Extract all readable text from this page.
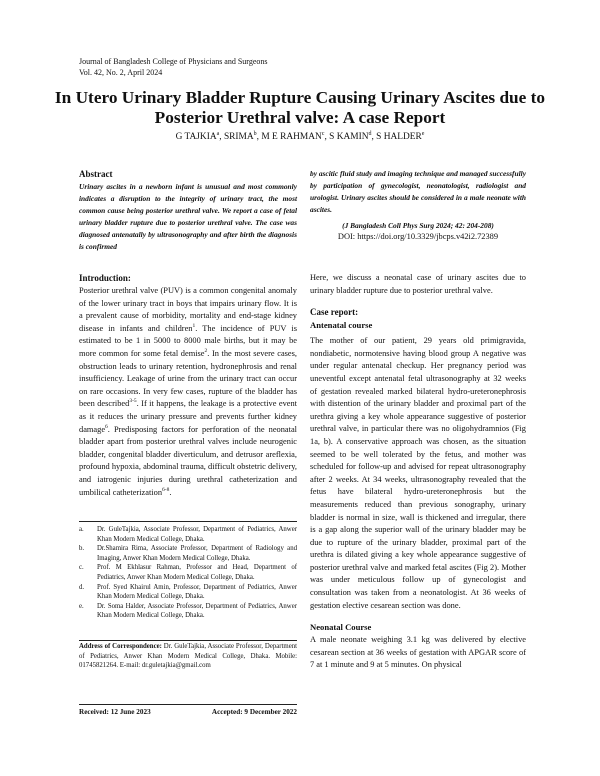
Journal of Bangladesh College of Physicians and Surgeons
Vol. 42, No. 2, April 2024
In Utero Urinary Bladder Rupture Causing Urinary Ascites due to Posterior Urethral valve: A case Report
G TAJKIA$^a$, SRIMA$^b$, M E RAHMAN$^c$, S KAMIN$^d$, S HALDER$^e$
Abstract

Urinary ascites in a newborn infant is unusual and most commonly indicates a disruption to the integrity of urinary tract, the most common cause being posterior urethral valve. We report a case of fetal urinary bladder rupture due to posterior urethral valve. The case was diagnosed antenatally by ultrasonography and after birth the diagnosis is confirmed

by ascitic fluid study and imaging technique and managed successfully by participation of gynecologist, neonatologist, radiologist and urologist. Urinary ascites should be considered in a male neonate with ascites.

(J Bangladesh Coll Phys Surg 2024; 42: 204-208)
DOI: https://doi.org/10.3329/jbcps.v42i2.72389
Introduction:

Posterior urethral valve (PUV) is a common congenital anomaly of the lower urinary tract in boys that impairs urinary flow. It is a prevalent cause of morbidity, mortality and end-stage kidney disease in infants and children$^1$. The incidence of PUV is estimated to be 1 in 5000 to 8000 male births, but it may be more common for some fetal demise$^2$. In the most severe cases, obstruction leads to urinary retention, hydronephrosis and renal insufficiency. Leakage of urine from the urinary tract can occur on rare occasions. In very few cases, rupture of the bladder has been described$^{3-5}$. If it happens, the leakage is a protective event as it reduces the urinary pressure and prevents further kidney damage$^6$. Predisposing factors for perforation of the neonatal bladder apart from posterior urethral valves include neurogenic bladder, congenital bladder diverticulum, and detrusor areflexia, profound hypoxia, abdominal trauma, difficult obstetric delivery, and iatrogenic injuries during urethral catheterization and umbilical catheterization$^{6-8}$.

a.	Dr. GuleTajkia, Associate Professor, Department of Pediatrics, Anwer Khan Modern Medical College, Dhaka.
b.	Dr.Shamira Rima, Associate Professor, Department of Radiology and Imaging, Anwer Khan Modern Medical College, Dhaka.
c.	Prof. M Ekhlasur Rahman, Professor and Head, Department of Pediatrics, Anwer Khan Modern Medical College, Dhaka.
d.	Prof. Syed Khairul Amin, Professor, Department of Pediatrics, Anwer Khan Modern Medical College, Dhaka.
e.	Dr. Soma Halder, Associate Professor, Department of Pediatrics, Anwer Khan Modern Medical College, Dhaka.
Address of Correspondence: Dr. GuleTajkia, Associate Professor, Department of Pediatrics, Anwer Khan Modern Medical College, Dhaka. Mobile: 01745821264. E-mail: dr.guletajkia@gmail.com
Received: 12 June 2023	Accepted: 9 December 2022

Here, we discuss a neonatal case of urinary ascites due to urinary bladder rupture due to posterior urethral valve.

Case report:
Antenatal course

The mother of our patient, 29 years old primigravida, nondiabetic, normotensive having blood group A negative was under regular antenatal checkup. Her pregnancy period was uneventful except antenatal fetal ultrasonography at 32 weeks of gestation revealed marked bilateral hydro-ureteronephrosis with distention of the urinary bladder and proximal part of the urethra giving a key whole appearance suggestive of posterior urethral valve, in particular there was no oligohydramnios (Fig 1a, b). A conservative approach was chosen, as the situation seemed to be well tolerated by the fetus, and mother was scheduled for follow-up and advised for repeat ultrasonography after 2 weeks. At 34 weeks, ultrasonography revealed that the fetus have bilateral hydro-ureteronephrosis but the measurements reduced than previous sonography, urinary bladder is normal in size, wall is thickened and irregular, there is a gap along the superior wall of the urinary bladder may be due to rupture of the urinary bladder, proximal part of the urethra is dilated giving a key whole appearance suggestive of posterior urethral valve and marked fetal ascites (Fig 2). Mother was under meticulous follow up of gynecologist and consultation was taken from a neonatologist. At 36 weeks of gestation elective cesarean section was done.

Neonatal Course

A male neonate weighing 3.1 kg was delivered by elective cesarean section at 36 weeks of gestation with APGAR score of 7 at 1 minute and 9 at 5 minutes. On physical
